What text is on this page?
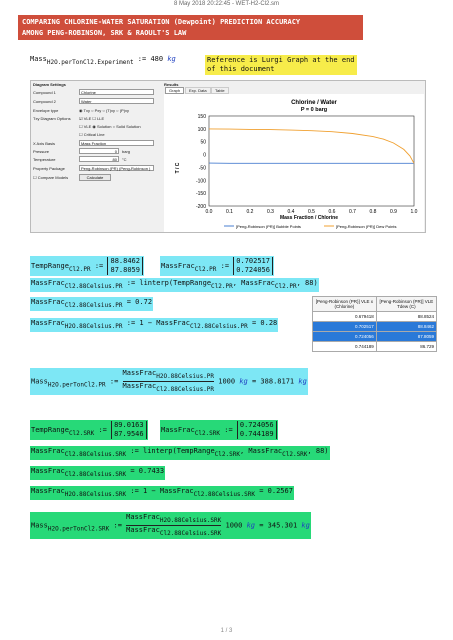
8 May 2018 20:22:45 - WET-H2-Cl2.sm
COMPARING CHLORINE-WATER SATURATION (Dewpoint) PREDICTION ACCURACY
AMONG PENG-ROBINSON, SRK & RAOULT'S LAW
MassH2O.perTonCl2.Experiment := 480 kg	Reference is Lurgi Graph at the end
of this document
Diagram Settings
Compound 1	Chlorine
Compound 2	Water
Envelope type	◉ Txy ○ Pxy ○ (T)xy ○ (P)xy
Txy Diagram Options ☑ VLE ☐ LLE
☐ VLE ◉ Solution ○ Solid Solution
☐ Critical Line
X Axis Basis	Mass Fraction
Pressure	0	barg
Temperature	80	°C
Property Package	Peng-Robinson (PR) (Peng-Robinson )
☐ Compare Models	Calculate
Results
Graph	Exp. Data	Table
Chlorine / Water
P = 0 barg
0.0	0.1	0.2	0.3	0.4	0.5	0.6	0.7	0.8	0.9	1.0
150
100
50
0
-50
-100
-150
-200
T / C
Mass Fraction / Chlorine
[Peng-Robinson (PR)] Bubble Points	[Peng-Robinson (PR)] Dew Points
TempRangeCl2.PR := 88.8462
87.8059	MassFracCl2.PR := 0.702517
0.724056
MassFracCl2.88Celsius.PR := linterp(TempRangeCl2.PR, MassFracCl2.PR, 88)
MassFracCl2.88Celsius.PR = 0.72
MassFracH2O.88Celsius.PR := 1 − MassFracCl2.88Celsius.PR = 0.28
[Peng-Robinson (PR)] VLE x (Chlorine)	[Peng-Robinson (PR)] VLE Tdew (C)
0.679418	88.8524
0.702517	88.8462
0.724056	87.8059
0.744189	86.729
MassH2O.perTonCl2.PR := $\frac{\text{MassFracH2O.88Celsius.PR}}{\text{MassFracCl2.88Celsius.PR}} 1000$ kg = 388.8171 kg
TempRangeCl2.SRK := 89.0163
87.9546	MassFracCl2.SRK := 0.724056
0.744189
MassFracCl2.88Celsius.SRK := linterp(TempRangeCl2.SRK, MassFracCl2.SRK, 88)
MassFracCl2.88Celsius.SRK = 0.7433
MassFracH2O.88Celsius.SRK := 1 − MassFracCl2.88Celsius.SRK = 0.2567
MassH2O.perTonCl2.SRK := $\frac{\text{MassFracH2O.88Celsius.SRK}}{\text{MassFracCl2.88Celsius.SRK}} 1000$ kg = 345.301 kg
1 / 3
